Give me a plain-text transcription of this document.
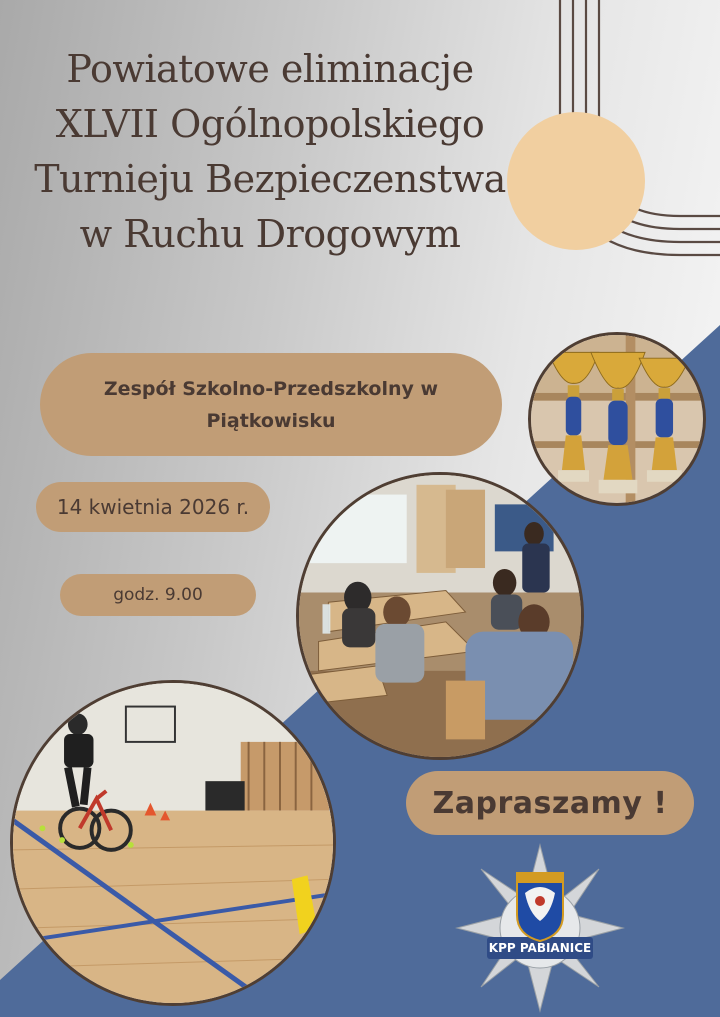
Powiatowe eliminacje
XLVII Ogólnopolskiego
Turnieju Bezpieczenstwa
w Ruchu Drogowym
Zespół Szkolno-Przedszkolny w
Piątkowisku
14 kwietnia 2026 r.
godz. 9.00
Zapraszamy !
KPP PABIANICE
